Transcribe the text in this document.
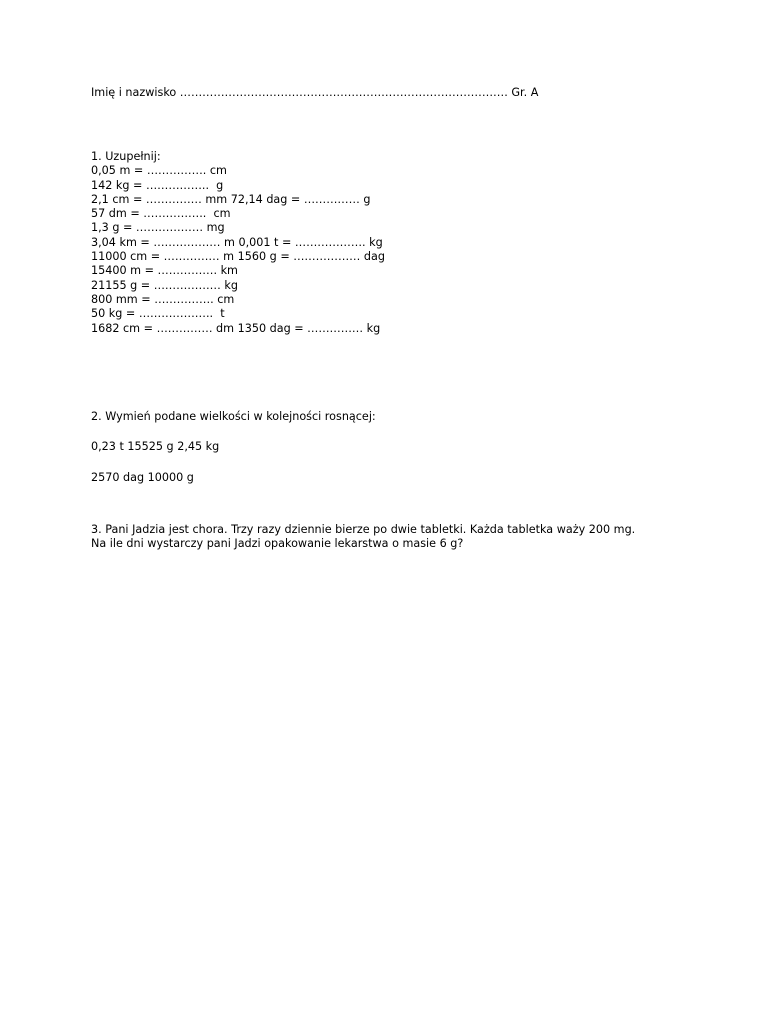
Imię i nazwisko ……………………………………………………………………………. Gr. A
1. Uzupełnij:
0,05 m = ……………. cm
142 kg = ……………..  g
2,1 cm = …………… mm 72,14 dag = …………… g
57 dm = ……………..  cm
1,3 g = ……………… mg
3,04 km = ……………… m 0,001 t = ………………. kg
11000 cm = …………… m 1560 g = ……………… dag
15400 m = ……………. km
21155 g = ……………… kg
800 mm = ……………. cm
50 kg = ………………..  t
1682 cm = …………… dm 1350 dag = …………… kg
2. Wymień podane wielkości w kolejności rosnącej:
0,23 t 15525 g 2,45 kg
2570 dag 10000 g
3. Pani Jadzia jest chora. Trzy razy dziennie bierze po dwie tabletki. Każda tabletka waży 200 mg.
Na ile dni wystarczy pani Jadzi opakowanie lekarstwa o masie 6 g?
